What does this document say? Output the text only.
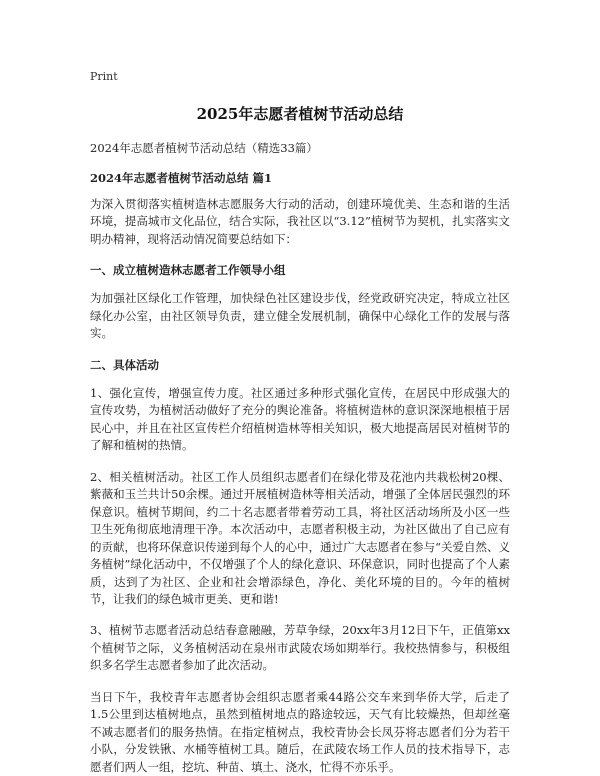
Print
2025年志愿者植树节活动总结

2024年志愿者植树节活动总结（精选33篇）

2024年志愿者植树节活动总结 篇1

为深入贯彻落实植树造林志愿服务大行动的活动，创建环境优美、生态和谐的生活环境，提高城市文化品位，结合实际，我社区以“3.12”植树节为契机，扎实落实文明办精神，现将活动情况简要总结如下：

一、成立植树造林志愿者工作领导小组

为加强社区绿化工作管理，加快绿色社区建设步伐，经党政研究决定，特成立社区绿化办公室，由社区领导负责，建立健全发展机制，确保中心绿化工作的发展与落实。

二、具体活动

1、强化宣传，增强宣传力度。社区通过多种形式强化宣传，在居民中形成强大的宣传攻势，为植树活动做好了充分的舆论准备。将植树造林的意识深深地根植于居民心中，并且在社区宣传栏介绍植树造林等相关知识，极大地提高居民对植树节的了解和植树的热情。

2、相关植树活动。社区工作人员组织志愿者们在绿化带及花池内共栽松树20棵、紫薇和玉兰共计50余棵。通过开展植树造林等相关活动，增强了全体居民强烈的环保意识。植树节期间，约二十名志愿者带着劳动工具，将社区活动场所及小区一些卫生死角彻底地清理干净。本次活动中，志愿者积极主动，为社区做出了自己应有的贡献，也将环保意识传递到每个人的心中，通过广大志愿者在参与“关爱自然、义务植树”绿化活动中，不仅增强了个人的绿化意识、环保意识，同时也提高了个人素质，达到了为社区、企业和社会增添绿色，净化、美化环境的目的。今年的植树节，让我们的绿色城市更美、更和谐!

3、植树节志愿者活动总结春意融融，芳草争绿，20xx年3月12日下午，正值第xx个植树节之际，义务植树活动在泉州市武陵农场如期举行。我校热情参与，积极组织多名学生志愿者参加了此次活动。

当日下午，我校青年志愿者协会组织志愿者乘44路公交车来到华侨大学，后走了1.5公里到达植树地点，虽然到植树地点的路途较远，天气有比较燥热，但却丝毫不减志愿者们的服务热情。在指定植树点，我校青协会长凤芬将志愿者们分为若干小队，分发铁锹、水桶等植树工具。随后，在武陵农场工作人员的技术指导下，志愿者们两人一组，挖坑、种苗、填土、浇水，忙得不亦乐乎。
